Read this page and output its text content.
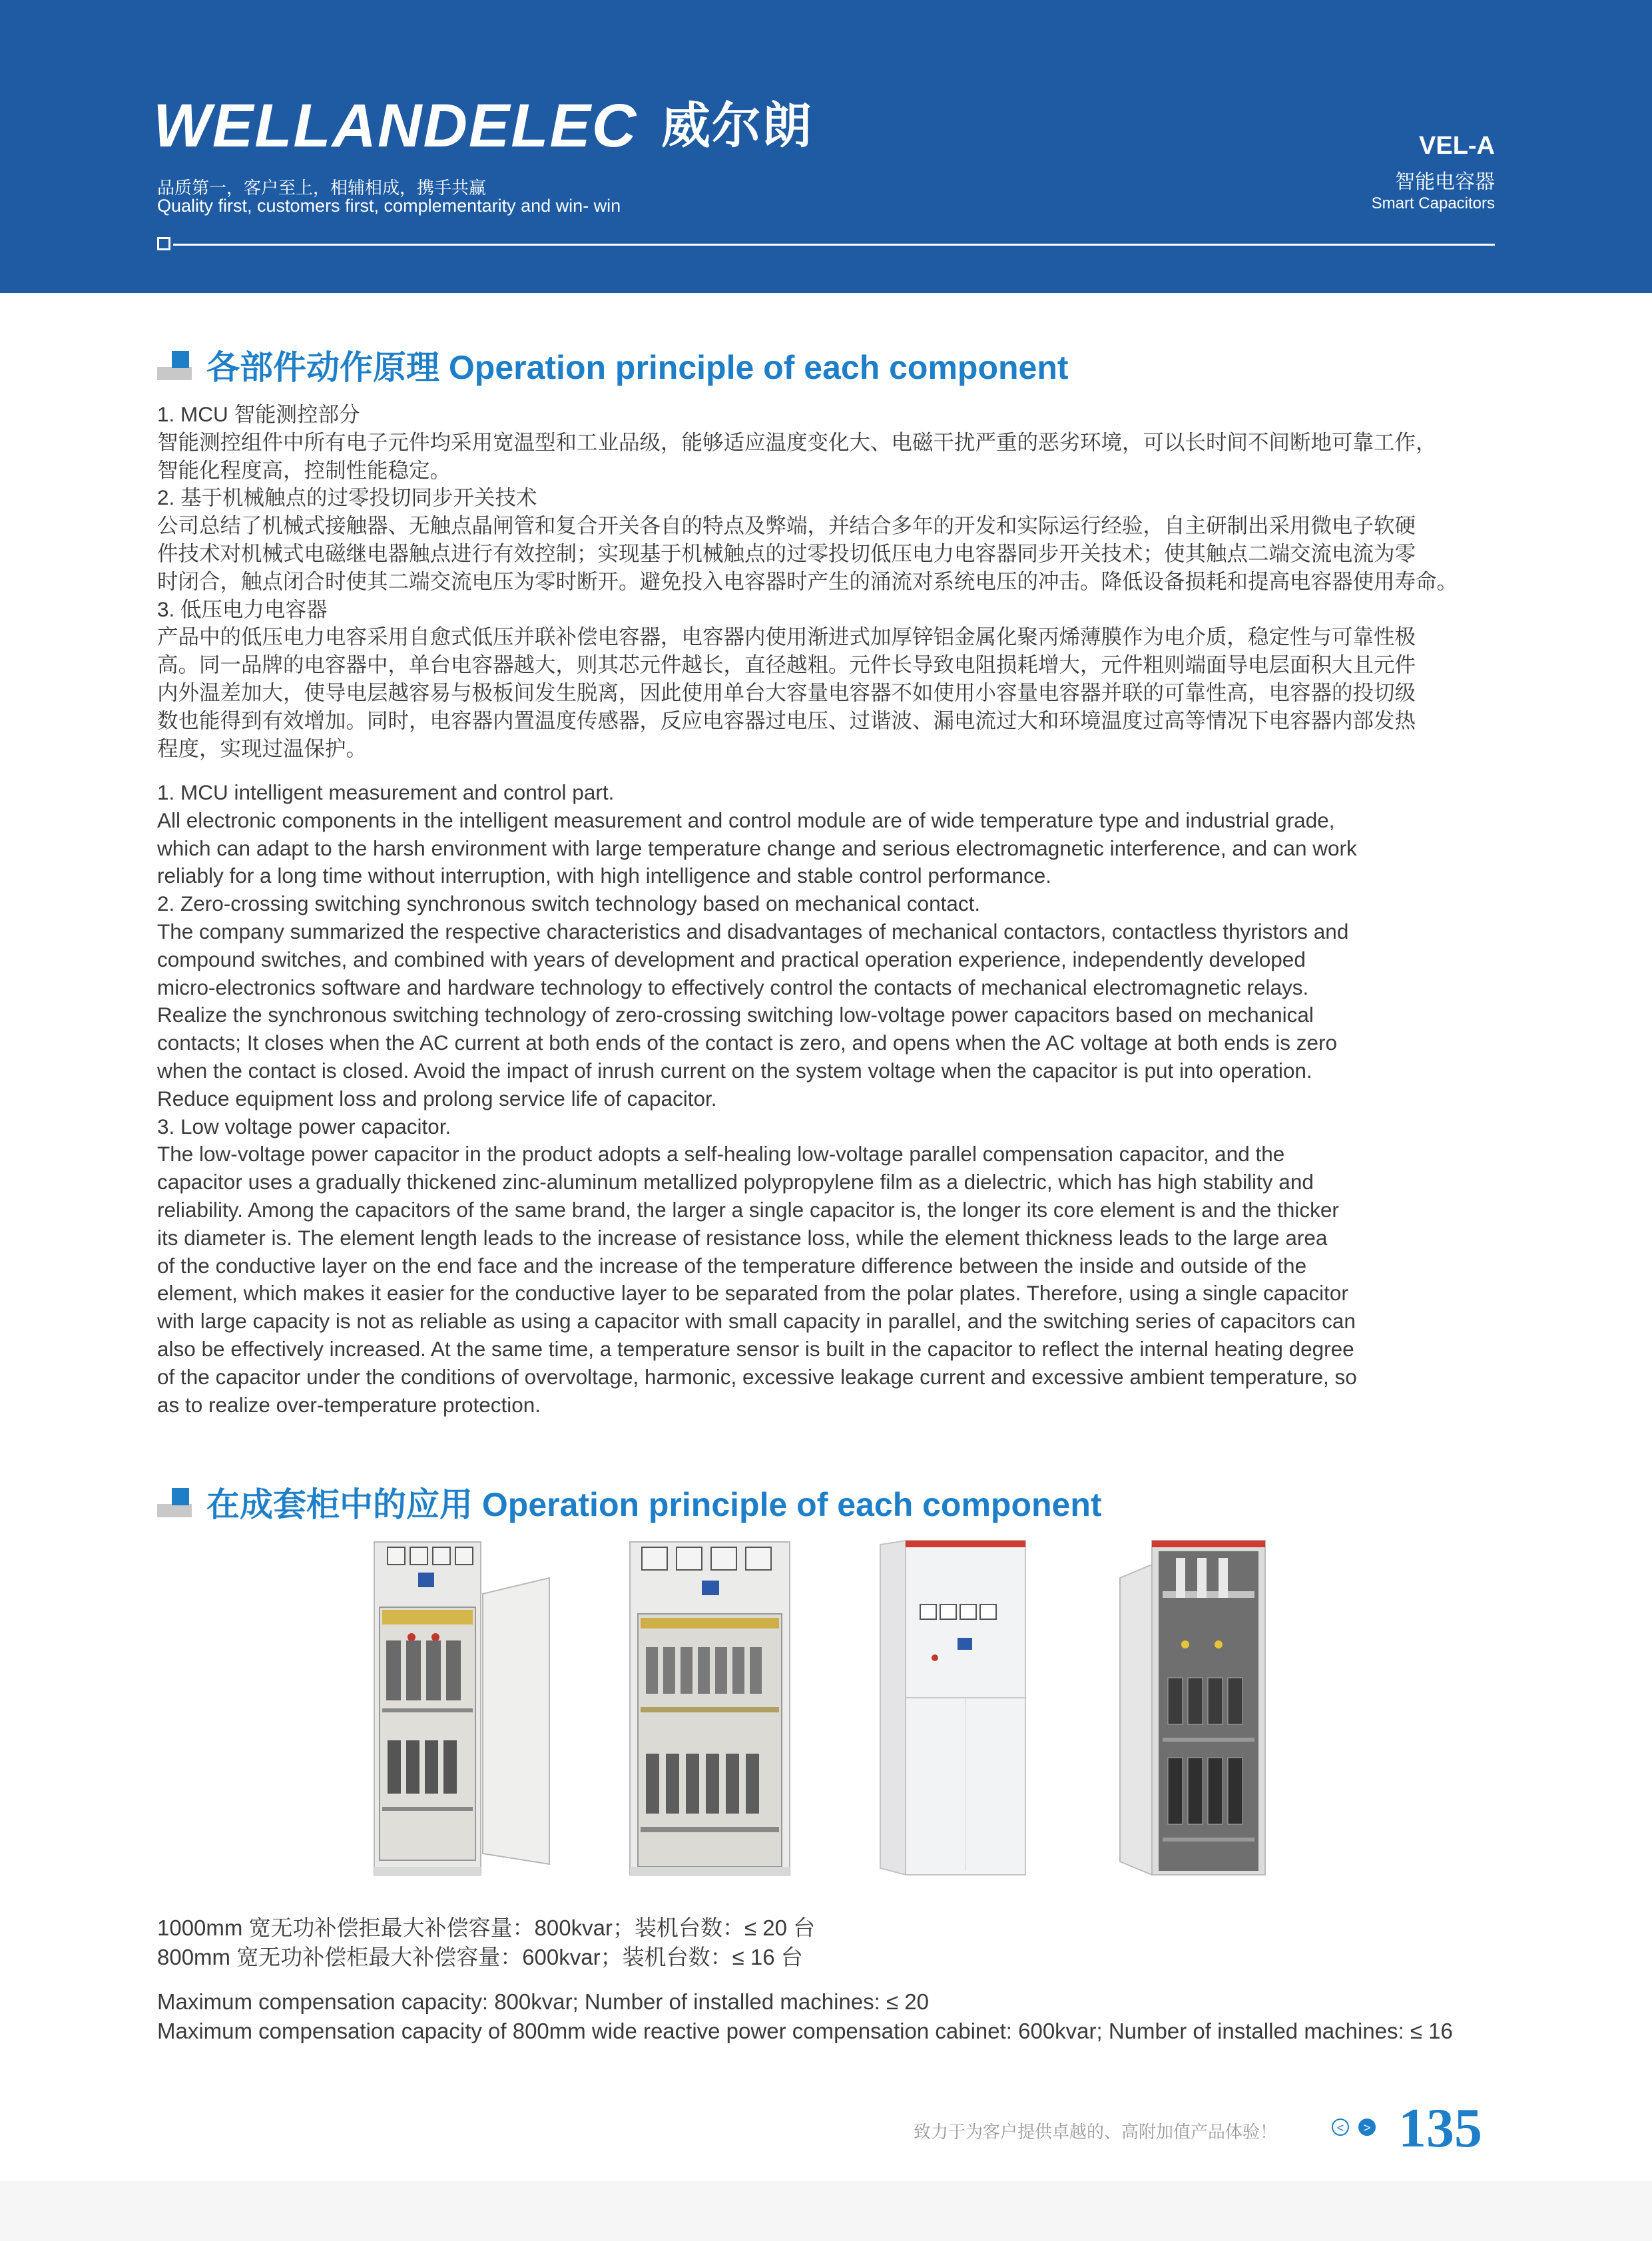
WELLANDELEC 威尔朗
品质第一，客户至上，相辅相成，携手共赢
Quality first, customers first, complementarity and win- win
VEL-A
智能电容器
Smart Capacitors
各部件动作原理 Operation principle of each component
1. MCU 智能测控部分
智能测控组件中所有电子元件均采用宽温型和工业品级，能够适应温度变化大、电磁干扰严重的恶劣环境，可以长时间不间断地可靠工作，
智能化程度高，控制性能稳定。
2. 基于机械触点的过零投切同步开关技术
公司总结了机械式接触器、无触点晶闸管和复合开关各自的特点及弊端，并结合多年的开发和实际运行经验，自主研制出采用微电子软硬
件技术对机械式电磁继电器触点进行有效控制；实现基于机械触点的过零投切低压电力电容器同步开关技术；使其触点二端交流电流为零
时闭合，触点闭合时使其二端交流电压为零时断开。避免投入电容器时产生的涌流对系统电压的冲击。降低设备损耗和提高电容器使用寿命。
3. 低压电力电容器
产品中的低压电力电容采用自愈式低压并联补偿电容器，电容器内使用渐进式加厚锌铝金属化聚丙烯薄膜作为电介质，稳定性与可靠性极
高。同一品牌的电容器中，单台电容器越大，则其芯元件越长，直径越粗。元件长导致电阻损耗增大，元件粗则端面导电层面积大且元件
内外温差加大，使导电层越容易与极板间发生脱离，因此使用单台大容量电容器不如使用小容量电容器并联的可靠性高，电容器的投切级
数也能得到有效增加。同时，电容器内置温度传感器，反应电容器过电压、过谐波、漏电流过大和环境温度过高等情况下电容器内部发热
程度，实现过温保护。
1. MCU intelligent measurement and control part.
All electronic components in the intelligent measurement and control module are of wide temperature type and industrial grade,
which can adapt to the harsh environment with large temperature change and serious electromagnetic interference, and can work
reliably for a long time without interruption, with high intelligence and stable control performance.
2. Zero-crossing switching synchronous switch technology based on mechanical contact.
The company summarized the respective characteristics and disadvantages of mechanical contactors, contactless thyristors and
compound switches, and combined with years of development and practical operation experience, independently developed
micro-electronics software and hardware technology to effectively control the contacts of mechanical electromagnetic relays.
Realize the synchronous switching technology of zero-crossing switching low-voltage power capacitors based on mechanical
contacts; It closes when the AC current at both ends of the contact is zero, and opens when the AC voltage at both ends is zero
when the contact is closed. Avoid the impact of inrush current on the system voltage when the capacitor is put into operation.
Reduce equipment loss and prolong service life of capacitor.
3. Low voltage power capacitor.
The low-voltage power capacitor in the product adopts a self-healing low-voltage parallel compensation capacitor, and the
capacitor uses a gradually thickened zinc-aluminum metallized polypropylene film as a dielectric, which has high stability and
reliability. Among the capacitors of the same brand, the larger a single capacitor is, the longer its core element is and the thicker
its diameter is. The element length leads to the increase of resistance loss, while the element thickness leads to the large area
of the conductive layer on the end face and the increase of the temperature difference between the inside and outside of the
element, which makes it easier for the conductive layer to be separated from the polar plates. Therefore, using a single capacitor
with large capacity is not as reliable as using a capacitor with small capacity in parallel, and the switching series of capacitors can
also be effectively increased. At the same time, a temperature sensor is built in the capacitor to reflect the internal heating degree
of the capacitor under the conditions of overvoltage, harmonic, excessive leakage current and excessive ambient temperature, so
as to realize over-temperature protection.
在成套柜中的应用 Operation principle of each component
1000mm 宽无功补偿拒最大补偿容量：800kvar；装机台数：≤ 20 台
800mm 宽无功补偿柜最大补偿容量：600kvar；装机台数：≤ 16 台
Maximum compensation capacity: 800kvar; Number of installed machines: ≤ 20
Maximum compensation capacity of 800mm wide reactive power compensation cabinet: 600kvar; Number of installed machines: ≤ 16
致力于为客户提供卓越的、高附加值产品体验！	<	> 135
